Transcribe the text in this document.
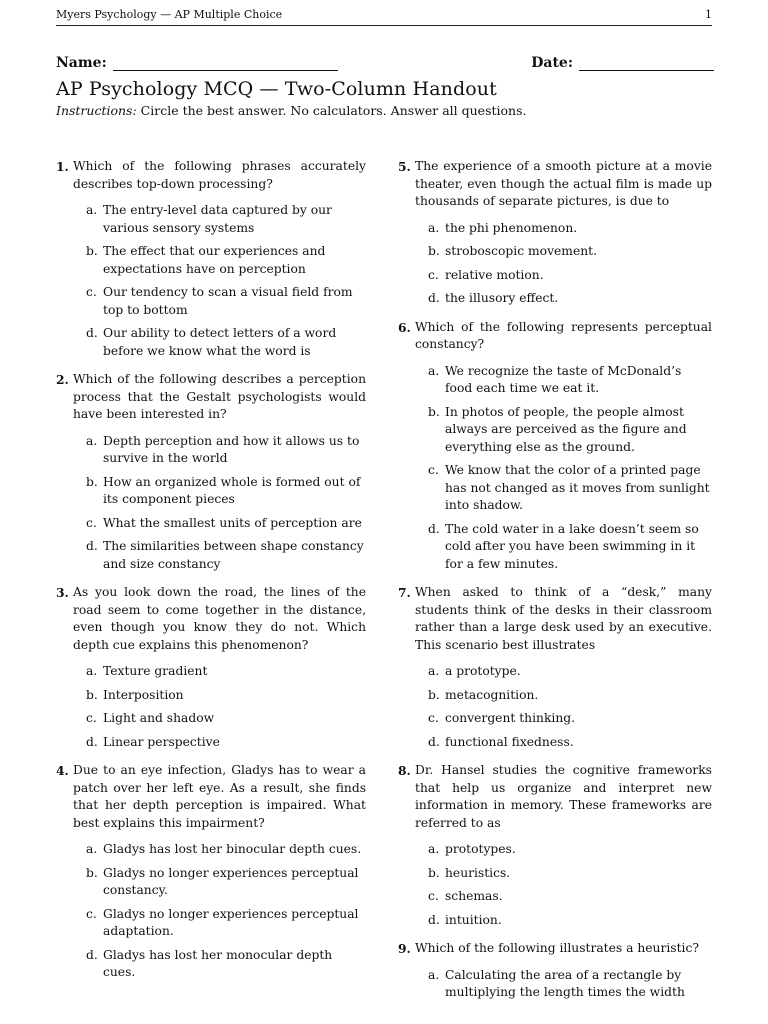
Myers Psychology — AP Multiple Choice	1
Name:	Date:
AP Psychology MCQ — Two-Column Handout
Instructions: Circle the best answer. No calculators. Answer all questions.
1. Which of the following phrases accurately describes top-down processing?
a. The entry-level data captured by our various sensory systems
b. The effect that our experiences and expectations have on perception
c. Our tendency to scan a visual field from top to bottom
d. Our ability to detect letters of a word before we know what the word is
2. Which of the following describes a perception process that the Gestalt psychologists would have been interested in?
a. Depth perception and how it allows us to survive in the world
b. How an organized whole is formed out of its component pieces
c. What the smallest units of perception are
d. The similarities between shape constancy and size constancy
3. As you look down the road, the lines of the road seem to come together in the distance, even though you know they do not. Which depth cue explains this phenomenon?
a. Texture gradient
b. Interposition
c. Light and shadow
d. Linear perspective
4. Due to an eye infection, Gladys has to wear a patch over her left eye. As a result, she finds that her depth perception is impaired. What best explains this impairment?
a. Gladys has lost her binocular depth cues.
b. Gladys no longer experiences perceptual constancy.
c. Gladys no longer experiences perceptual adaptation.
d. Gladys has lost her monocular depth cues.
5. The experience of a smooth picture at a movie theater, even though the actual film is made up thousands of separate pictures, is due to
a. the phi phenomenon.
b. stroboscopic movement.
c. relative motion.
d. the illusory effect.
6. Which of the following represents perceptual constancy?
a. We recognize the taste of McDonald’s food each time we eat it.
b. In photos of people, the people almost always are perceived as the figure and everything else as the ground.
c. We know that the color of a printed page has not changed as it moves from sunlight into shadow.
d. The cold water in a lake doesn’t seem so cold after you have been swimming in it for a few minutes.
7. When asked to think of a “desk,” many students think of the desks in their classroom rather than a large desk used by an executive. This scenario best illustrates
a. a prototype.
b. metacognition.
c. convergent thinking.
d. functional fixedness.
8. Dr. Hansel studies the cognitive frameworks that help us organize and interpret new information in memory. These frameworks are referred to as
a. prototypes.
b. heuristics.
c. schemas.
d. intuition.
9. Which of the following illustrates a heuristic?
a. Calculating the area of a rectangle by multiplying the length times the width
